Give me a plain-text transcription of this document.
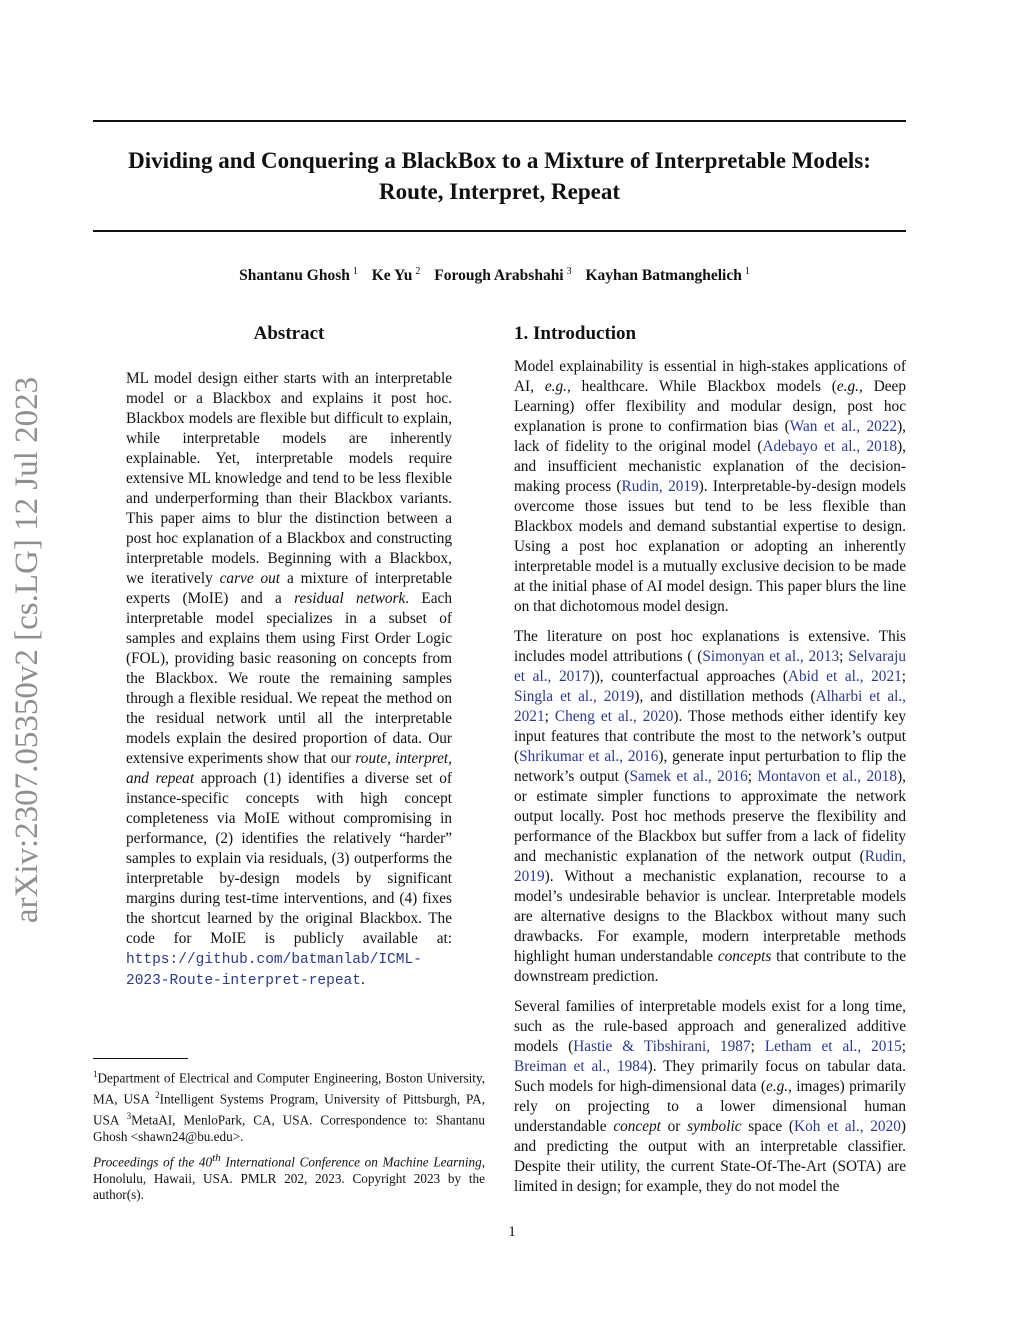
arXiv:2307.05350v2 [cs.LG] 12 Jul 2023
Dividing and Conquering a BlackBox to a Mixture of Interpretable Models:
Route, Interpret, Repeat
Shantanu Ghosh $^1$ Ke Yu $^2$ Forough Arabshahi $^3$ Kayhan Batmanghelich $^1$
Abstract
ML model design either starts with an interpretable model or a Blackbox and explains it post hoc. Blackbox models are flexible but difficult to explain, while interpretable models are inherently explainable. Yet, interpretable models require extensive ML knowledge and tend to be less flexible and underperforming than their Blackbox variants. This paper aims to blur the distinction between a post hoc explanation of a Blackbox and constructing interpretable models. Beginning with a Blackbox, we iteratively carve out a mixture of interpretable experts (MoIE) and a residual network. Each interpretable model specializes in a subset of samples and explains them using First Order Logic (FOL), providing basic reasoning on concepts from the Blackbox. We route the remaining samples through a flexible residual. We repeat the method on the residual network until all the interpretable models explain the desired proportion of data. Our extensive experiments show that our route, interpret, and repeat approach (1) identifies a diverse set of instance-specific concepts with high concept completeness via MoIE without compromising in performance, (2) identifies the relatively “harder” samples to explain via residuals, (3) outperforms the interpretable by-design models by significant margins during test-time interventions, and (4) fixes the shortcut learned by the original Blackbox. The code for MoIE is publicly available at: https://github.com/batmanlab/ICML-2023-Route-interpret-repeat.
$^1$Department of Electrical and Computer Engineering, Boston University, MA, USA $^2$Intelligent Systems Program, University of Pittsburgh, PA, USA $^3$MetaAI, MenloPark, CA, USA. Correspondence to: Shantanu Ghosh <shawn24@bu.edu>.
Proceedings of the 40th International Conference on Machine Learning, Honolulu, Hawaii, USA. PMLR 202, 2023. Copyright 2023 by the author(s).
1. Introduction

Model explainability is essential in high-stakes applications of AI, e.g., healthcare. While Blackbox models (e.g., Deep Learning) offer flexibility and modular design, post hoc explanation is prone to confirmation bias (Wan et al., 2022), lack of fidelity to the original model (Adebayo et al., 2018), and insufficient mechanistic explanation of the decision-making process (Rudin, 2019). Interpretable-by-design models overcome those issues but tend to be less flexible than Blackbox models and demand substantial expertise to design. Using a post hoc explanation or adopting an inherently interpretable model is a mutually exclusive decision to be made at the initial phase of AI model design. This paper blurs the line on that dichotomous model design.

The literature on post hoc explanations is extensive. This includes model attributions ( (Simonyan et al., 2013; Selvaraju et al., 2017)), counterfactual approaches (Abid et al., 2021; Singla et al., 2019), and distillation methods (Alharbi et al., 2021; Cheng et al., 2020). Those methods either identify key input features that contribute the most to the network’s output (Shrikumar et al., 2016), generate input perturbation to flip the network’s output (Samek et al., 2016; Montavon et al., 2018), or estimate simpler functions to approximate the network output locally. Post hoc methods preserve the flexibility and performance of the Blackbox but suffer from a lack of fidelity and mechanistic explanation of the network output (Rudin, 2019). Without a mechanistic explanation, recourse to a model’s undesirable behavior is unclear. Interpretable models are alternative designs to the Blackbox without many such drawbacks. For example, modern interpretable methods highlight human understandable concepts that contribute to the downstream prediction.

Several families of interpretable models exist for a long time, such as the rule-based approach and generalized additive models (Hastie & Tibshirani, 1987; Letham et al., 2015; Breiman et al., 1984). They primarily focus on tabular data. Such models for high-dimensional data (e.g., images) primarily rely on projecting to a lower dimensional human understandable concept or symbolic space (Koh et al., 2020) and predicting the output with an interpretable classifier. Despite their utility, the current State-Of-The-Art (SOTA) are limited in design; for example, they do not model the

1
